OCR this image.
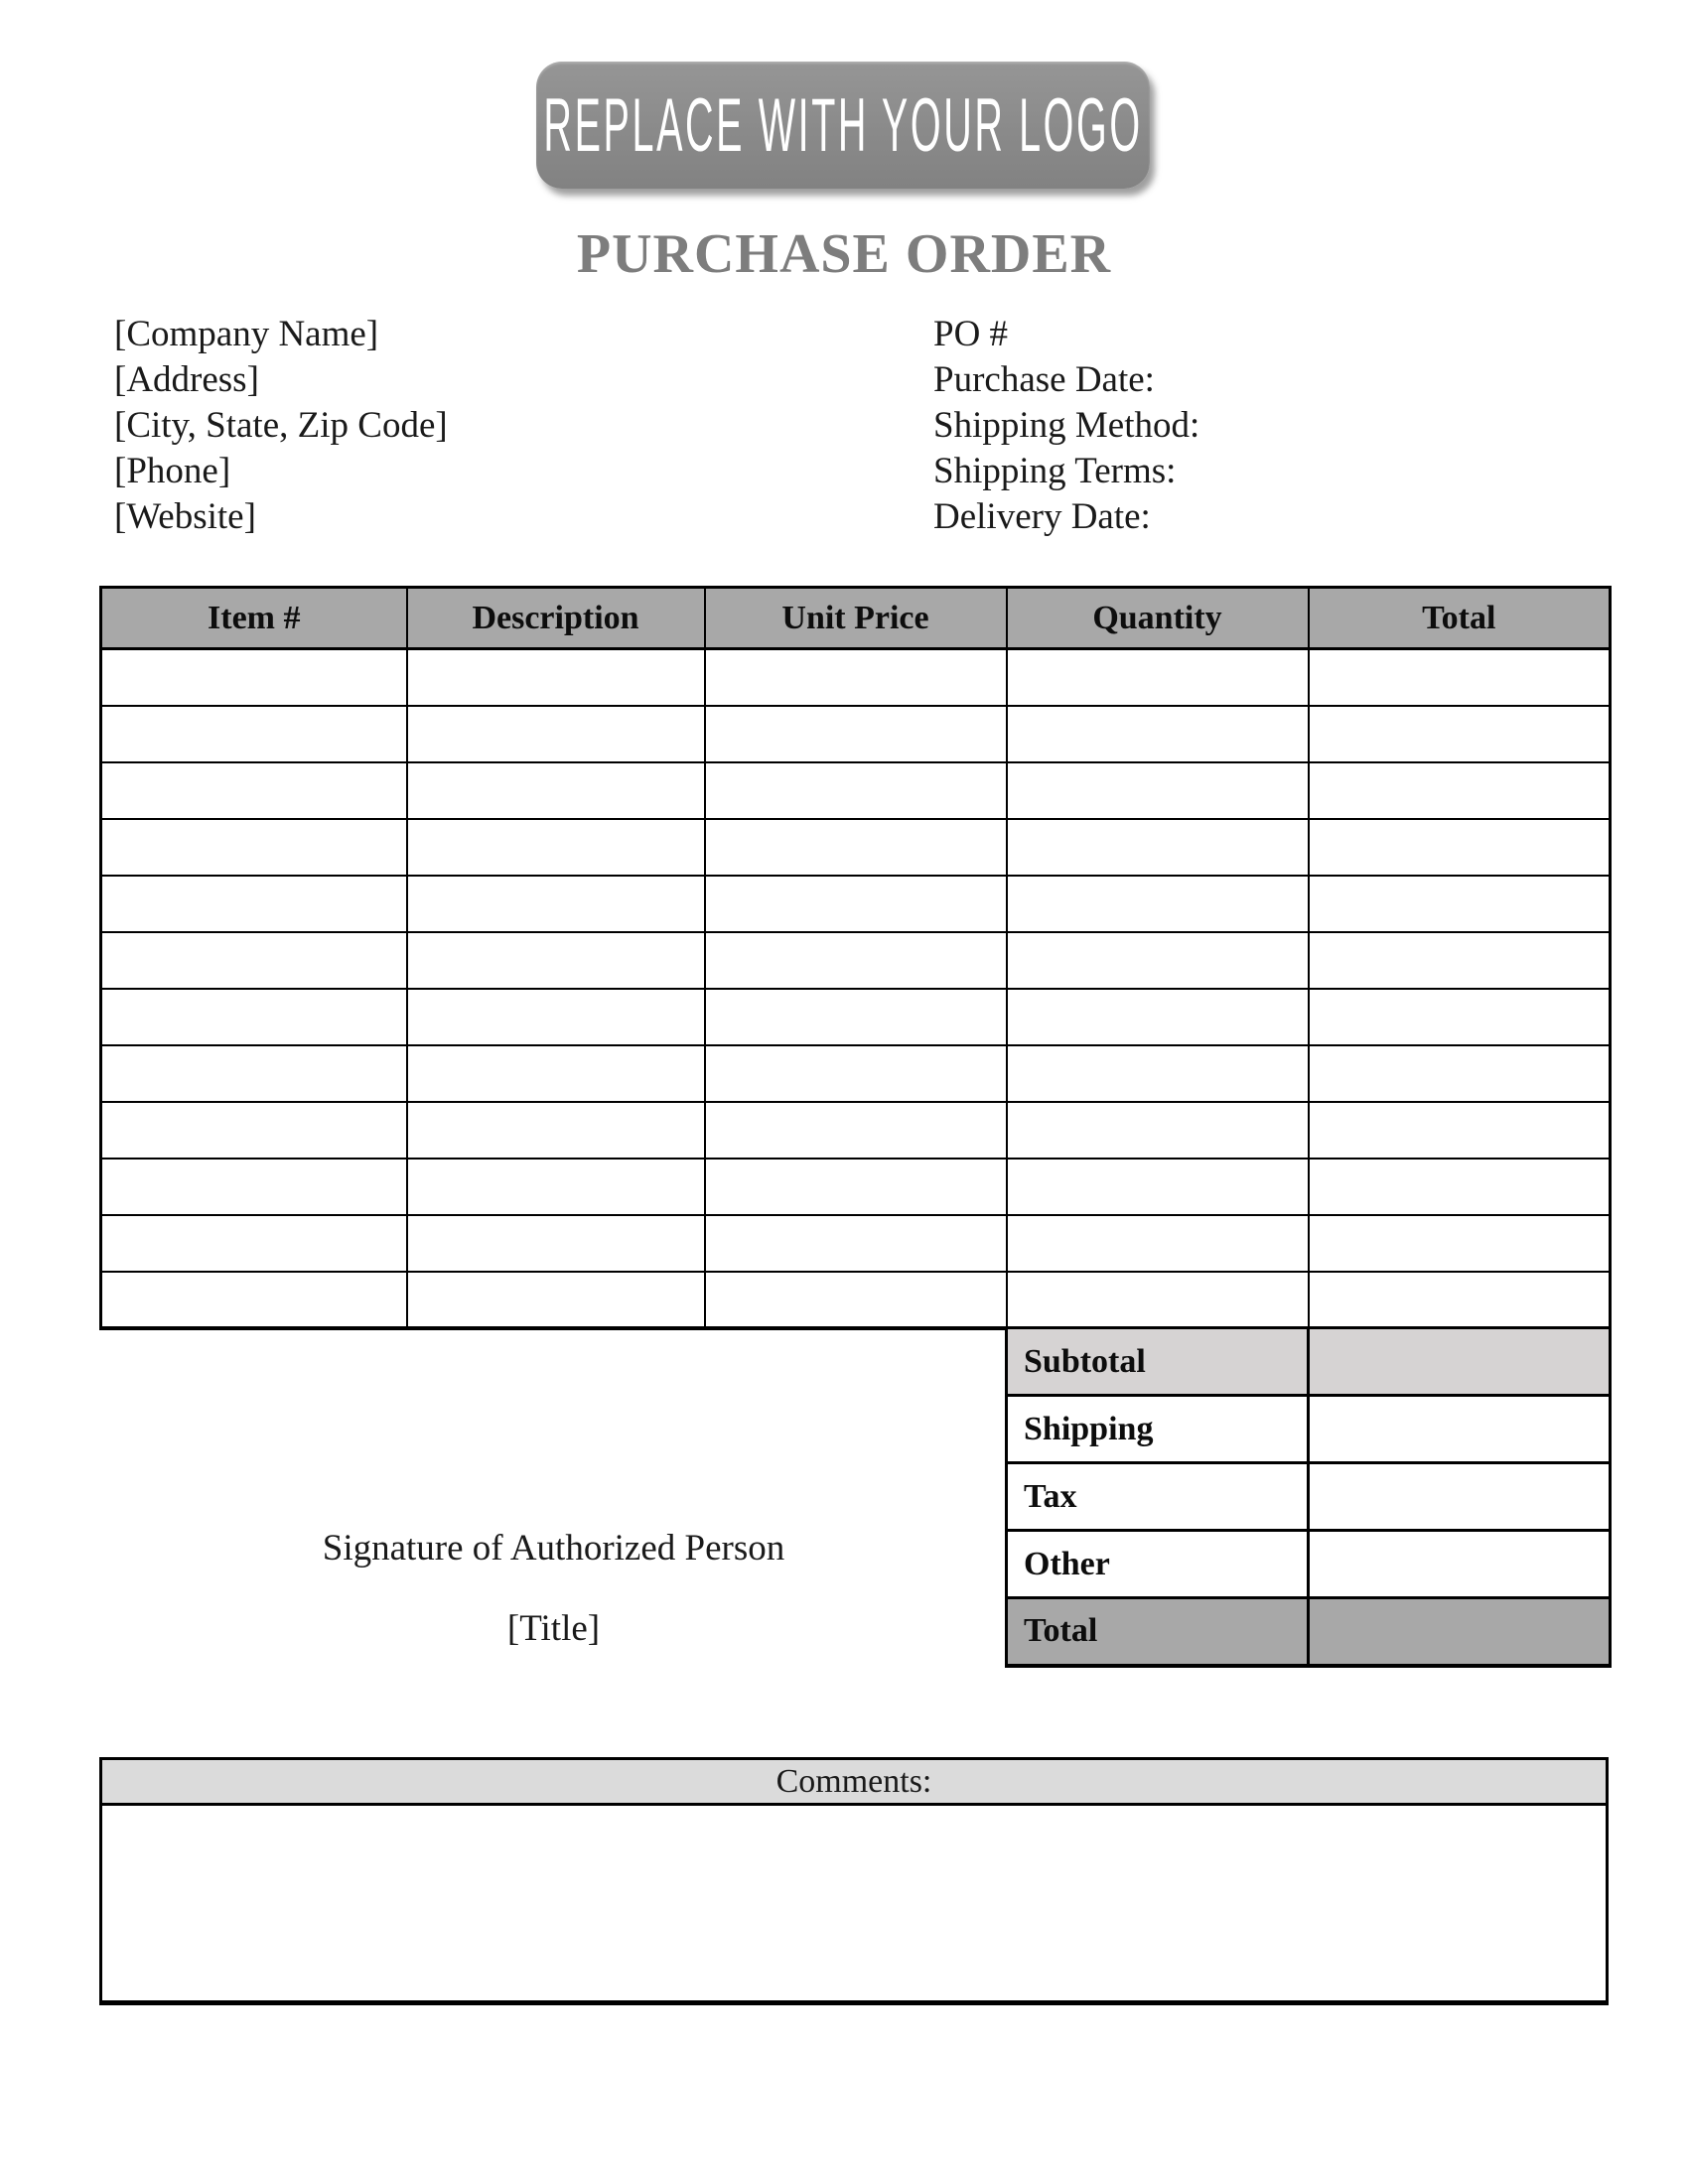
REPLACE WITH YOUR LOGO
PURCHASE ORDER
[Company Name]
[Address]
[City, State, Zip Code]
[Phone]
[Website]
PO #
Purchase Date:
Shipping Method:
Shipping Terms:
Delivery Date:
Item #	Description	Unit Price	Quantity	Total

Subtotal	
Shipping	
Tax	
Other	
Total	
Signature of Authorized Person
[Title]
Comments:
